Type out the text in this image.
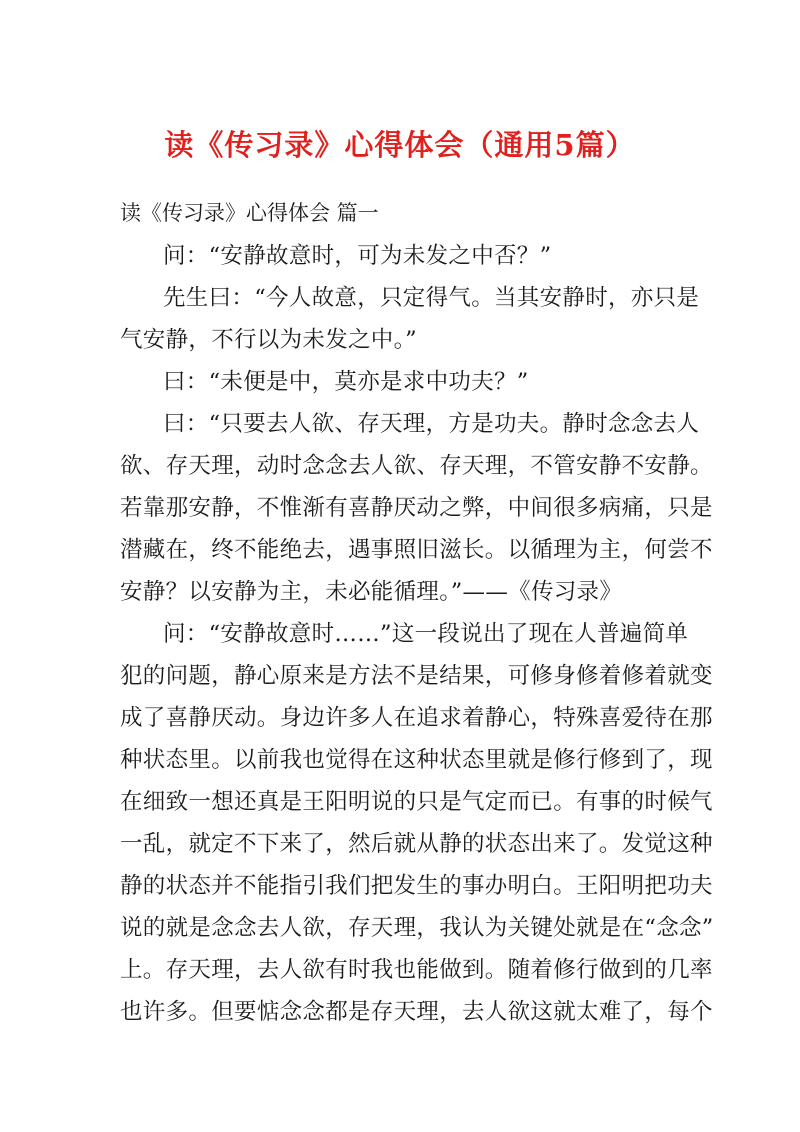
读《传习录》心得体会（通用5篇）
读《传习录》心得体会 篇一
问：“安静故意时，可为未发之中否？”
先生曰：“今人故意，只定得气。当其安静时，亦只是
气安静，不行以为未发之中。”
曰：“未便是中，莫亦是求中功夫？”
曰：“只要去人欲、存天理，方是功夫。静时念念去人
欲、存天理，动时念念去人欲、存天理，不管安静不安静。
若靠那安静，不惟渐有喜静厌动之弊，中间很多病痛，只是
潜藏在，终不能绝去，遇事照旧滋长。以循理为主，何尝不
安静？以安静为主，未必能循理。”——《传习录》
问：“安静故意时……”这一段说出了现在人普遍简单
犯的问题，静心原来是方法不是结果，可修身修着修着就变
成了喜静厌动。身边许多人在追求着静心，特殊喜爱待在那
种状态里。以前我也觉得在这种状态里就是修行修到了，现
在细致一想还真是王阳明说的只是气定而已。有事的时候气
一乱，就定不下来了，然后就从静的状态出来了。发觉这种
静的状态并不能指引我们把发生的事办明白。王阳明把功夫
说的就是念念去人欲，存天理，我认为关键处就是在“念念”
上。存天理，去人欲有时我也能做到。随着修行做到的几率
也许多。但要惦念念都是存天理，去人欲这就太难了，每个
